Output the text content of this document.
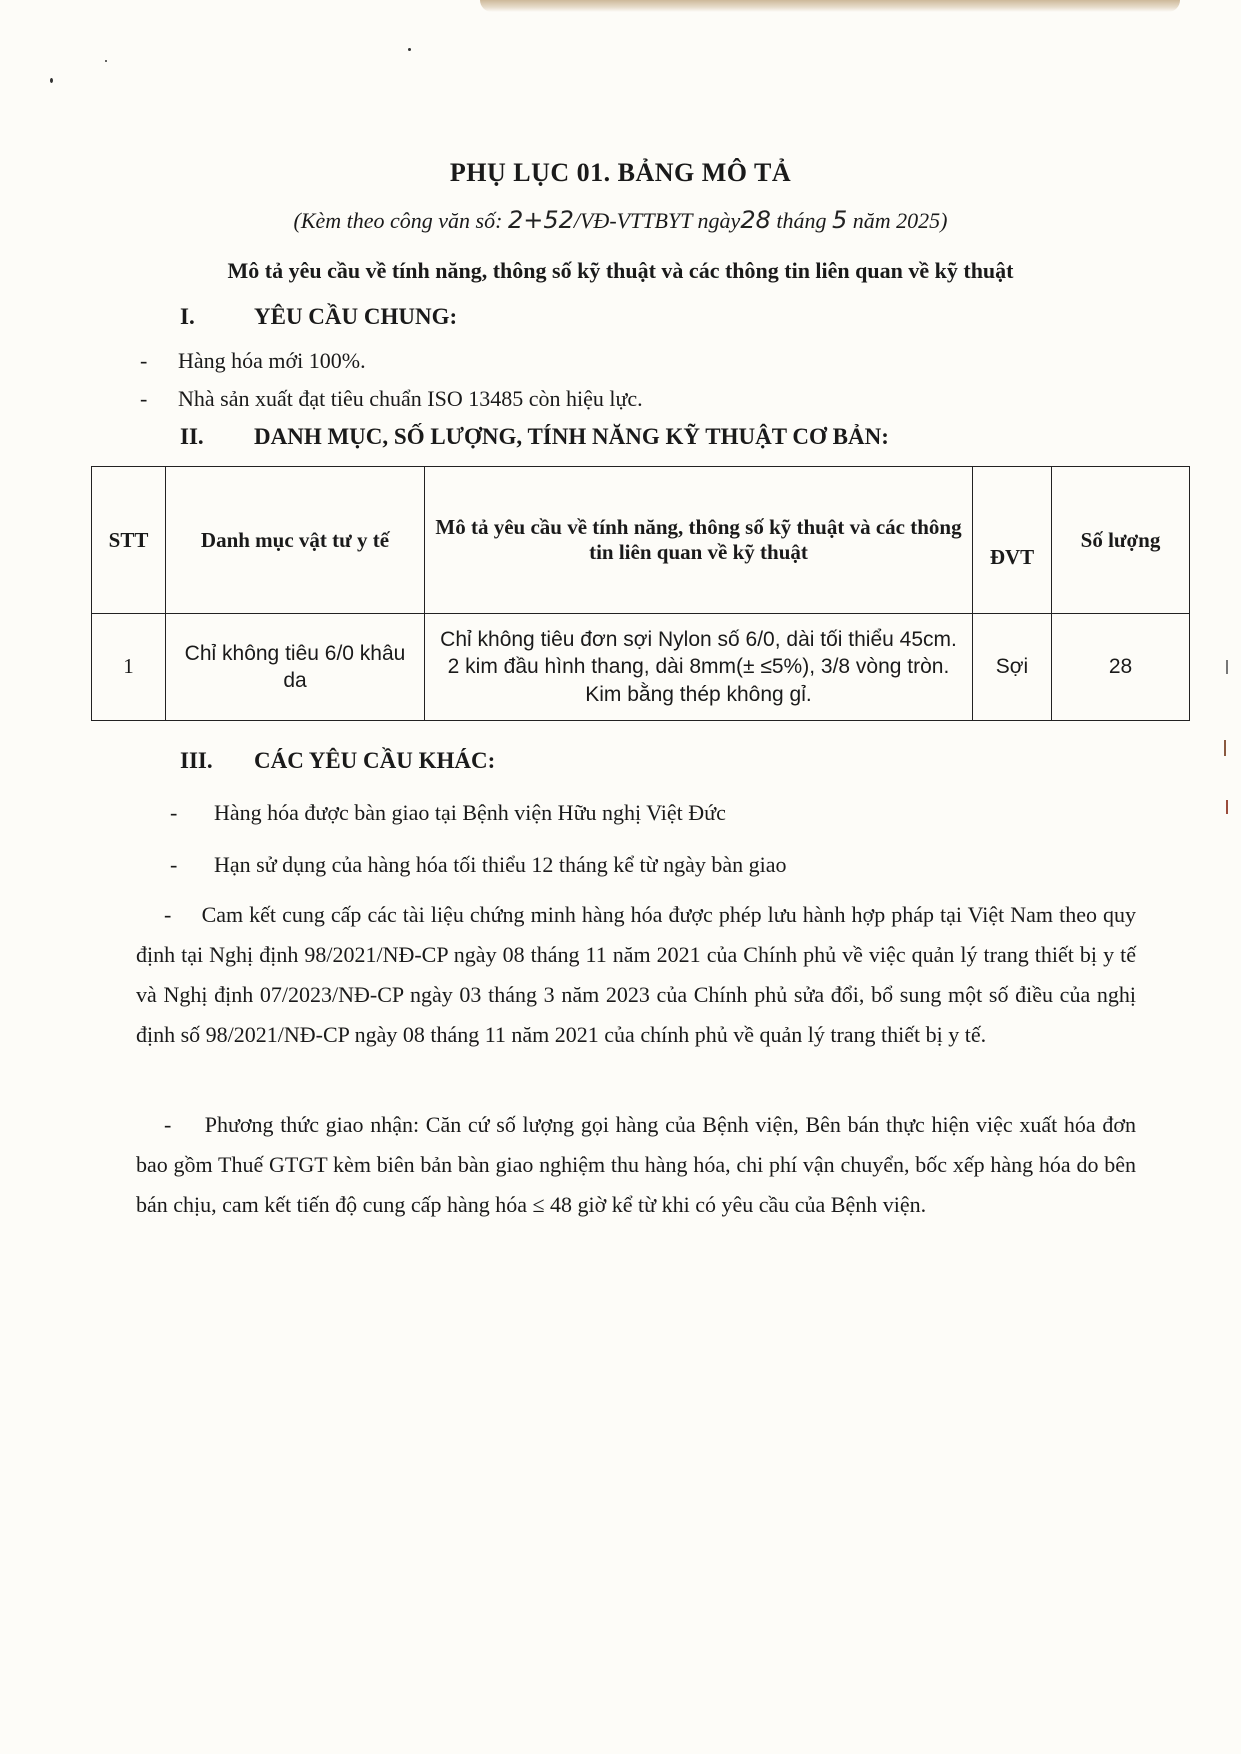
PHỤ LỤC 01. BẢNG MÔ TẢ
(Kèm theo công văn số: 2+52/VĐ-VTTBYT ngày28 tháng 5 năm 2025)
Mô tả yêu cầu về tính năng, thông số kỹ thuật và các thông tin liên quan về kỹ thuật
I.	YÊU CẦU CHUNG:
- Hàng hóa mới 100%.
- Nhà sản xuất đạt tiêu chuẩn ISO 13485 còn hiệu lực.
II. DANH MỤC, SỐ LƯỢNG, TÍNH NĂNG KỸ THUẬT CƠ BẢN:
STT	Danh mục vật tư y tế	Mô tả yêu cầu về tính năng, thông số kỹ thuật và các thông tin liên quan về kỹ thuật	ĐVT	Số lượng
1	Chỉ không tiêu 6/0 khâu da	Chỉ không tiêu đơn sợi Nylon số 6/0, dài tối thiểu 45cm. 2 kim đầu hình thang, dài 8mm(± ≤5%), 3/8 vòng tròn. Kim bằng thép không gỉ.	Sợi	28
III. CÁC YÊU CẦU KHÁC:
- Hàng hóa được bàn giao tại Bệnh viện Hữu nghị Việt Đức
- Hạn sử dụng của hàng hóa tối thiểu 12 tháng kể từ ngày bàn giao
-     Cam kết cung cấp các tài liệu chứng minh hàng hóa được phép lưu hành hợp pháp tại Việt Nam theo quy định tại Nghị định 98/2021/NĐ-CP ngày 08 tháng 11 năm 2021 của Chính phủ về việc quản lý trang thiết bị y tế và Nghị định 07/2023/NĐ-CP ngày 03 tháng 3 năm 2023 của Chính phủ sửa đổi, bổ sung một số điều của nghị định số 98/2021/NĐ-CP ngày 08 tháng 11 năm 2021 của chính phủ về quản lý trang thiết bị y tế.
-     Phương thức giao nhận: Căn cứ số lượng gọi hàng của Bệnh viện, Bên bán thực hiện việc xuất hóa đơn bao gồm Thuế GTGT kèm biên bản bàn giao nghiệm thu hàng hóa, chi phí vận chuyển, bốc xếp hàng hóa do bên bán chịu, cam kết tiến độ cung cấp hàng hóa ≤ 48 giờ kể từ khi có yêu cầu của Bệnh viện.
